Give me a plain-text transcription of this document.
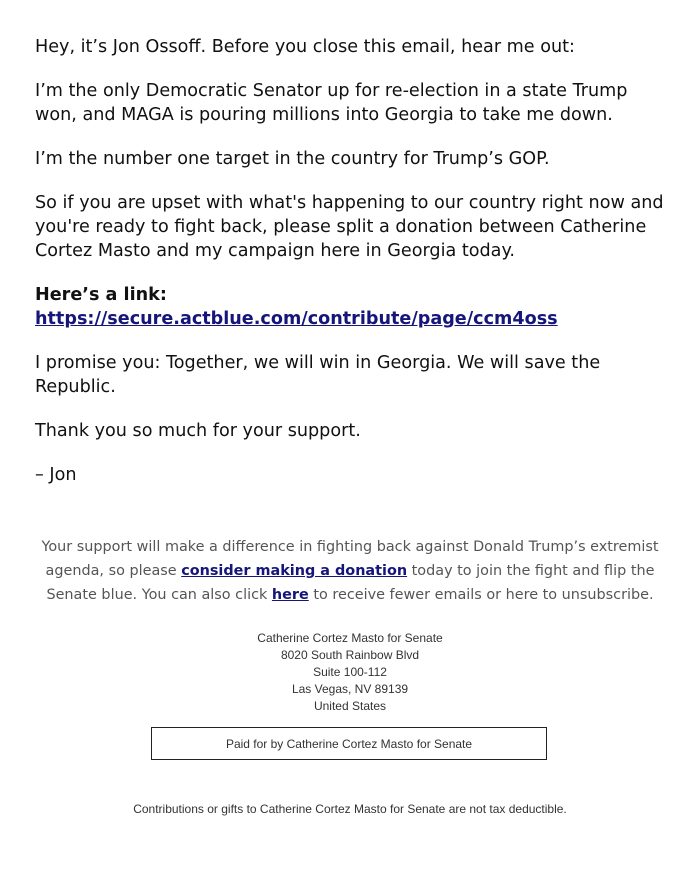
Hey, it’s Jon Ossoff. Before you close this email, hear me out:

I’m the only Democratic Senator up for re-election in a state Trump won, and MAGA is pouring millions into Georgia to take me down.

I’m the number one target in the country for Trump’s GOP.

So if you are upset with what's happening to our country right now and you're ready to fight back, please split a donation between Catherine Cortez Masto and my campaign here in Georgia today.

Here’s a link: https://secure.actblue.com/contribute/page/ccm4oss

I promise you: Together, we will win in Georgia. We will save the Republic.

Thank you so much for your support.

– Jon

Your support will make a difference in fighting back against Donald Trump’s extremist agenda, so please consider making a donation today to join the fight and flip the Senate blue. You can also click here to receive fewer emails or here to unsubscribe.
Catherine Cortez Masto for Senate
8020 South Rainbow Blvd
Suite 100-112
Las Vegas, NV 89139
United States
Paid for by Catherine Cortez Masto for Senate
Contributions or gifts to Catherine Cortez Masto for Senate are not tax deductible.
